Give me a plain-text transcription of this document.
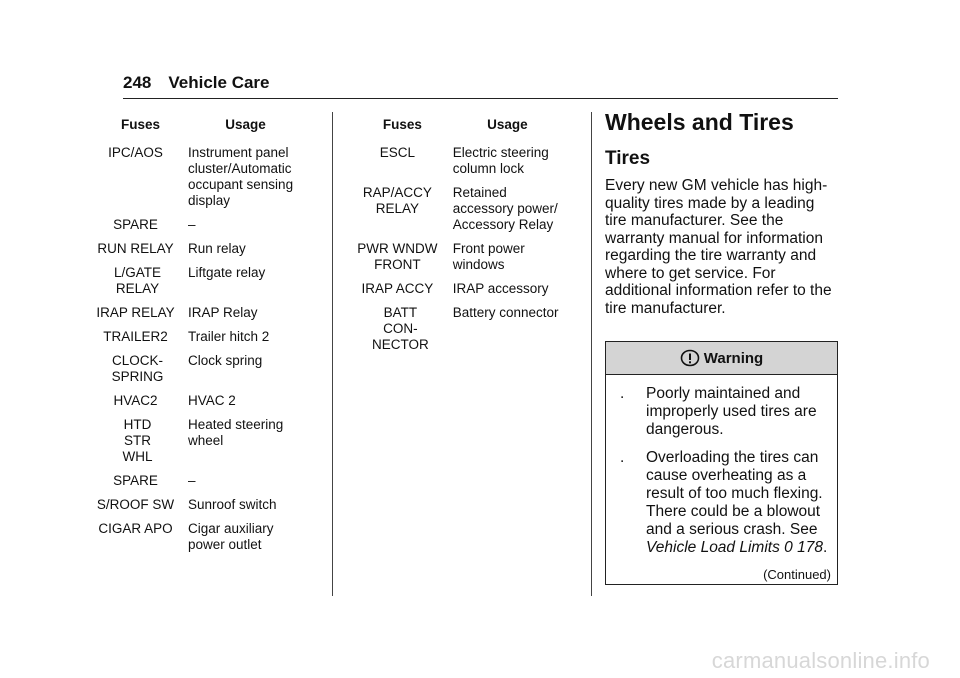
248 Vehicle Care
Fuses	Usage
IPC/AOS	Instrument panel cluster/Automatic occupant sensing display
SPARE	–
RUN RELAY	Run relay
L/GATE RELAY	Liftgate relay
IRAP RELAY	IRAP Relay
TRAILER2	Trailer hitch 2
CLOCK- SPRING	Clock spring
HVAC2	HVAC 2
HTD STR WHL	Heated steering wheel
SPARE	–
S/ROOF SW	Sunroof switch
CIGAR APO	Cigar auxiliary power outlet
Fuses	Usage
ESCL	Electric steering column lock
RAP/ACCY RELAY	Retained accessory power/ Accessory Relay
PWR WNDW FRONT	Front power windows
IRAP ACCY	IRAP accessory
BATT CON- NECTOR	Battery connector
Wheels and Tires
Tires
Every new GM vehicle has high-quality tires made by a leading tire manufacturer. See the warranty manual for information regarding the tire warranty and where to get service. For additional information refer to the tire manufacturer.
Warning
.	Poorly maintained and improperly used tires are dangerous.
.	Overloading the tires can cause overheating as a result of too much flexing. There could be a blowout and a serious crash. See Vehicle Load Limits 0 178.
(Continued)
carmanualsonline.info
